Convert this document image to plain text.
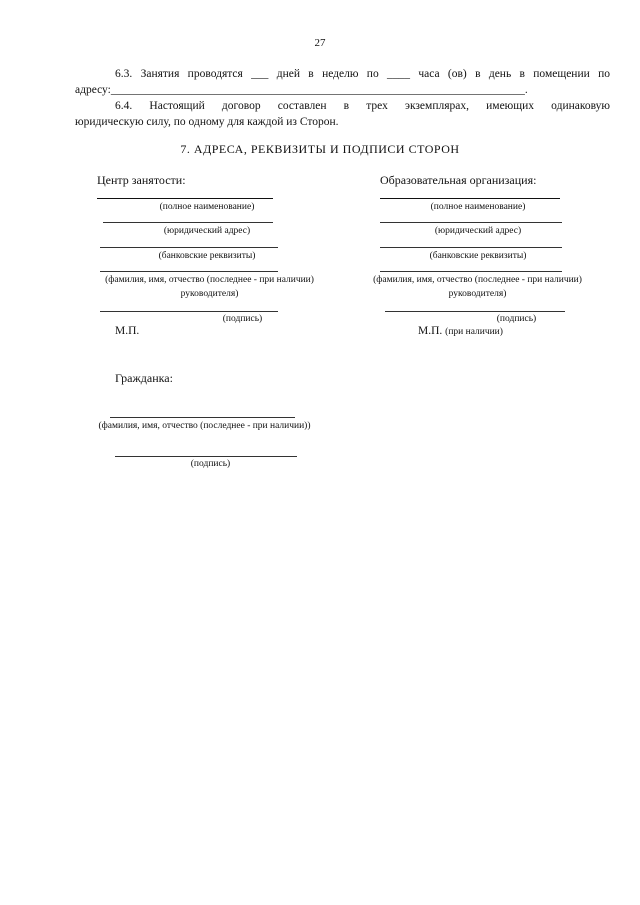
27
6.3. Занятия проводятся ___ дней в неделю по ____ часа (ов) в день в помещении по
адресу:________________________________________________________________________.
6.4. Настоящий договор составлен в трех экземплярах, имеющих одинаковую
юридическую силу, по одному для каждой из Сторон.
7. АДРЕСА, РЕКВИЗИТЫ И ПОДПИСИ СТОРОН
Центр занятости:
(полное наименование)
(юридический адрес)
(банковские реквизиты)
(фамилия, имя, отчество (последнее - при наличии)
руководителя)
(подпись)
М.П.
Образовательная организация:
(полное наименование)
(юридический адрес)
(банковские реквизиты)
(фамилия, имя, отчество (последнее - при наличии)
руководителя)
(подпись)
М.П. (при наличии)
Гражданка:
(фамилия, имя, отчество (последнее - при наличии))
(подпись)
